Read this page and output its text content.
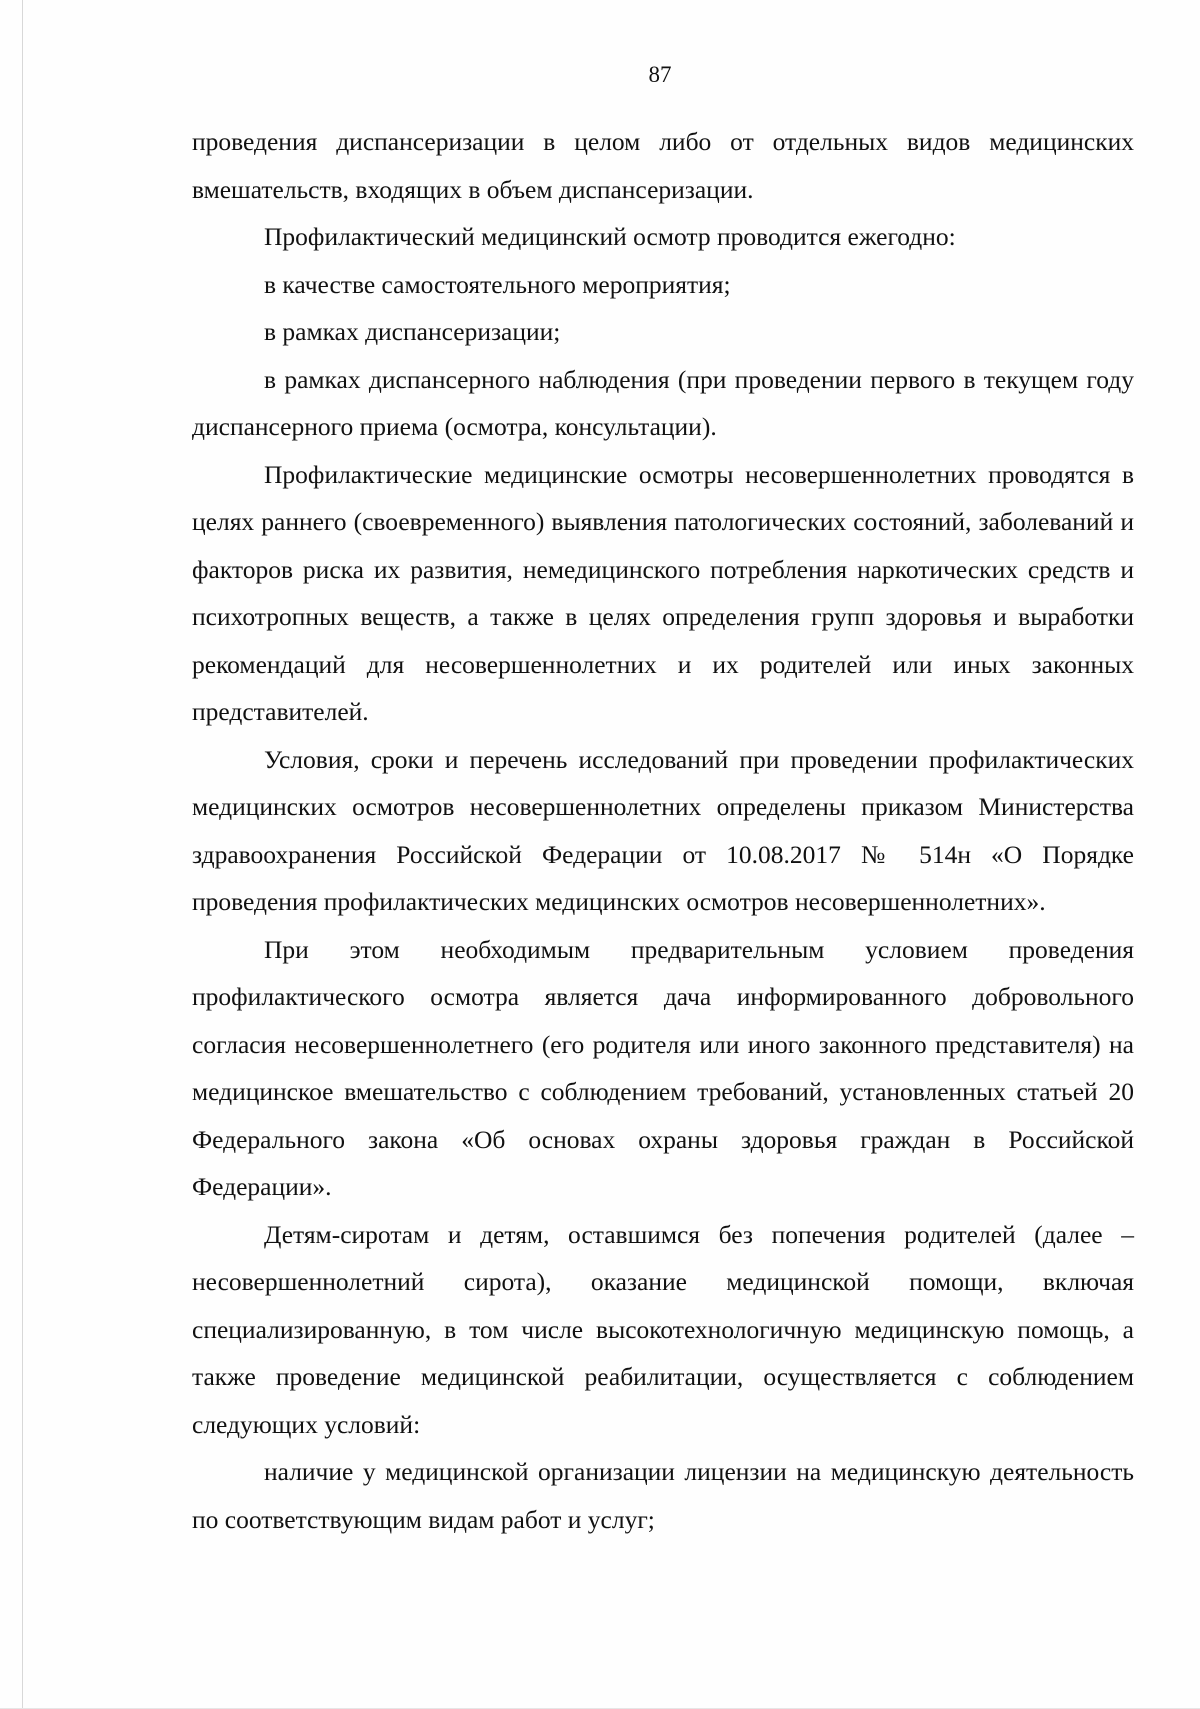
87

проведения диспансеризации в целом либо от отдельных видов медицинских вмешательств, входящих в объем диспансеризации.

Профилактический медицинский осмотр проводится ежегодно:

в качестве самостоятельного мероприятия;

в рамках диспансеризации;

в рамках диспансерного наблюдения (при проведении первого в текущем году диспансерного приема (осмотра, консультации).

Профилактические медицинские осмотры несовершеннолетних проводятся в целях раннего (своевременного) выявления патологических состояний, заболеваний и факторов риска их развития, немедицинского потребления наркотических средств и психотропных веществ, а также в целях определения групп здоровья и выработки рекомендаций для несовершеннолетних и их родителей или иных законных представителей.

Условия, сроки и перечень исследований при проведении профилактических медицинских осмотров несовершеннолетних определены приказом Министерства здравоохранения Российской Федерации от 10.08.2017 № 514н «О Порядке проведения профилактических медицинских осмотров несовершеннолетних».

При этом необходимым предварительным условием проведения профилактического осмотра является дача информированного добровольного согласия несовершеннолетнего (его родителя или иного законного представителя) на медицинское вмешательство с соблюдением требований, установленных статьей 20 Федерального закона «Об основах охраны здоровья граждан в Российской Федерации».

Детям-сиротам и детям, оставшимся без попечения родителей (далее – несовершеннолетний сирота), оказание медицинской помощи, включая специализированную, в том числе высокотехнологичную медицинскую помощь, а также проведение медицинской реабилитации, осуществляется с соблюдением следующих условий:

наличие у медицинской организации лицензии на медицинскую деятельность по соответствующим видам работ и услуг;
